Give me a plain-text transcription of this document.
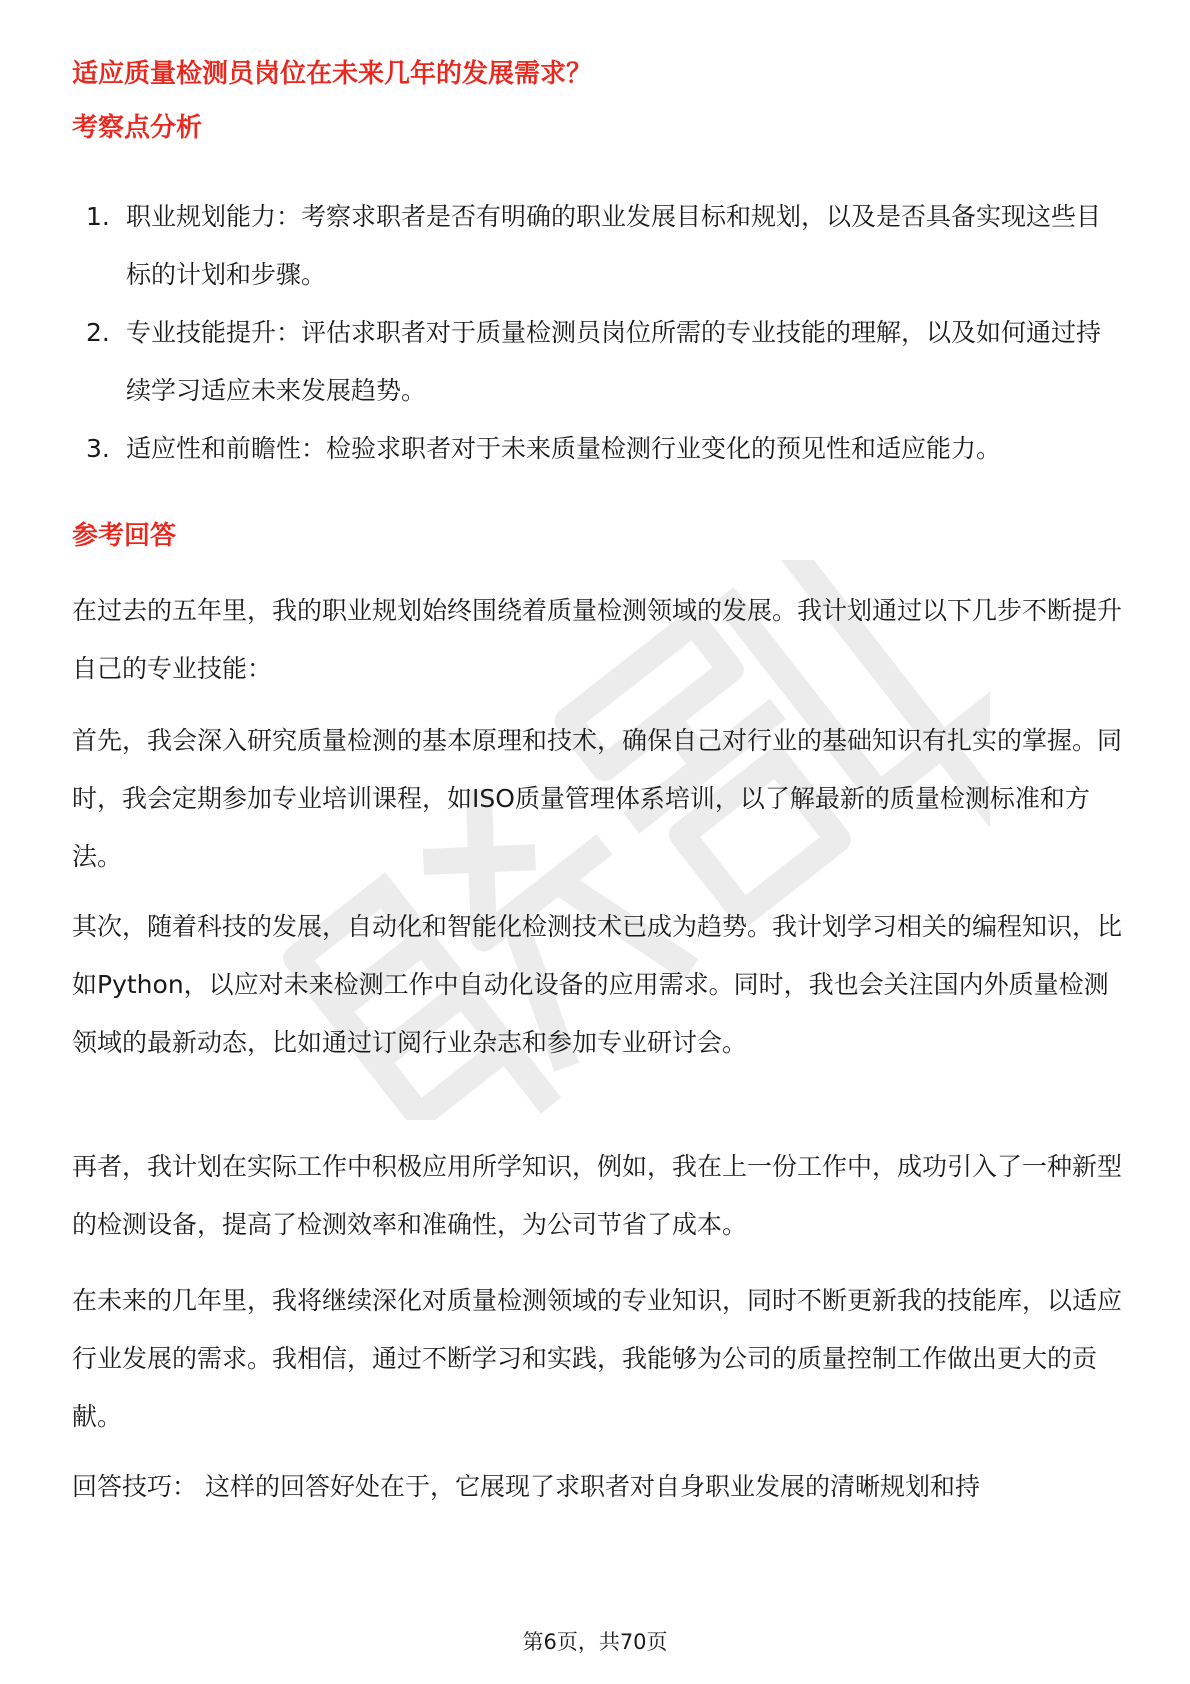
适应质量检测员岗位在未来几年的发展需求？
考察点分析
1. 职业规划能力：考察求职者是否有明确的职业发展目标和规划，以及是否具备实现这些目标的计划和步骤。
2. 专业技能提升：评估求职者对于质量检测员岗位所需的专业技能的理解，以及如何通过持续学习适应未来发展趋势。
3. 适应性和前瞻性：检验求职者对于未来质量检测行业变化的预见性和适应能力。
参考回答

在过去的五年里，我的职业规划始终围绕着质量检测领域的发展。我计划通过以下几步不断提升自己的专业技能：

首先，我会深入研究质量检测的基本原理和技术，确保自己对行业的基础知识有扎实的掌握。同时，我会定期参加专业培训课程，如ISO质量管理体系培训，以了解最新的质量检测标准和方法。

其次，随着科技的发展，自动化和智能化检测技术已成为趋势。我计划学习相关的编程知识，比如Python，以应对未来检测工作中自动化设备的应用需求。同时，我也会关注国内外质量检测领域的最新动态，比如通过订阅行业杂志和参加专业研讨会。

再者，我计划在实际工作中积极应用所学知识，例如，我在上一份工作中，成功引入了一种新型的检测设备，提高了检测效率和准确性，为公司节省了成本。

在未来的几年里，我将继续深化对质量检测领域的专业知识，同时不断更新我的技能库，以适应行业发展的需求。我相信，通过不断学习和实践，我能够为公司的质量控制工作做出更大的贡献。

回答技巧： 这样的回答好处在于，它展现了求职者对自身职业发展的清晰规划和持

第6页，共70页
